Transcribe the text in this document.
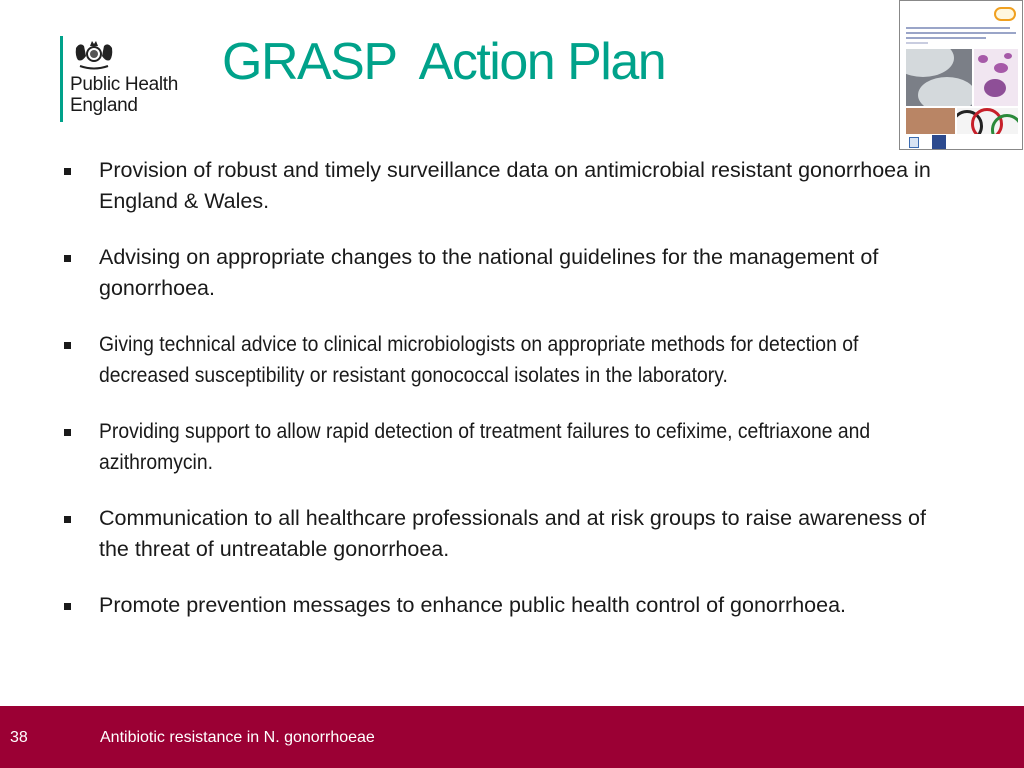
Public Health
England
GRASP  Action Plan
Provision of robust and timely surveillance data on antimicrobial resistant gonorrhoea in England & Wales.
Advising on appropriate changes to the national guidelines for the management of gonorrhoea.
Giving technical advice to clinical microbiologists on appropriate methods for detection of decreased susceptibility or resistant gonococcal isolates in the laboratory.
Providing support to allow rapid detection of treatment failures to cefixime, ceftriaxone and azithromycin.
Communication to all healthcare professionals and at risk groups to raise awareness of the threat of untreatable gonorrhoea.
Promote prevention messages to enhance public health control of gonorrhoea.
38	Antibiotic resistance in N. gonorrhoeae
